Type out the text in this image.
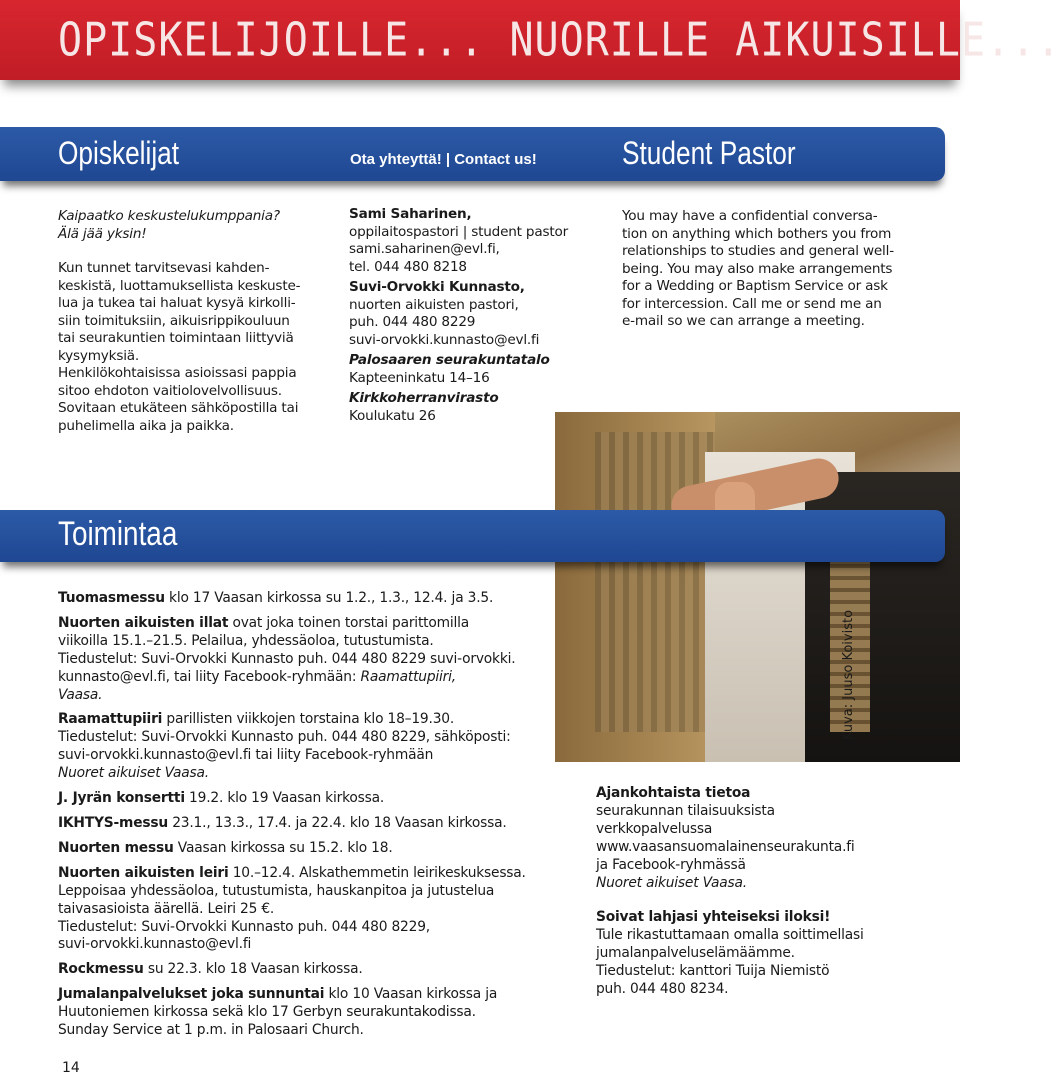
OPISKELIJOILLE... NUORILLE AIKUISILLE...
Opiskelijat	Ota yhteyttä! | Contact us!	Student Pastor
Kaipaatko keskustelukumppania?
Älä jää yksin!
Kun tunnet tarvitsevasi kahden-
keskistä, luottamuksellista keskuste-
lua ja tukea tai haluat kysyä kirkolli-
siin toimituksiin, aikuisrippikouluun
tai seurakuntien toimintaan liittyviä
kysymyksiä.
Henkilökohtaisissa asioissasi pappia
sitoo ehdoton vaitiolovelvollisuus.
Sovitaan etukäteen sähköpostilla tai
puhelimella aika ja paikka.
Sami Saharinen,
oppilaitospastori | student pastor
sami.saharinen@evl.fi,
tel. 044 480 8218
Suvi-Orvokki Kunnasto,
nuorten aikuisten pastori,
puh. 044 480 8229
suvi-orvokki.kunnasto@evl.fi
Palosaaren seurakuntatalo
Kapteeninkatu 14–16
Kirkkoherranvirasto
Koulukatu 26
You may have a confidential conversa-
tion on anything which bothers you from
relationships to studies and general well-
being. You may also make arrangements
for a Wedding or Baptism Service or ask
for intercession. Call me or send me an
e-mail so we can arrange a meeting.
Kuva: Juuso Koivisto
Toimintaa
Tuomasmessu klo 17 Vaasan kirkossa su 1.2., 1.3., 12.4. ja 3.5.
Nuorten aikuisten illat ovat joka toinen torstai parittomilla
viikoilla 15.1.–21.5. Pelailua, yhdessäoloa, tutustumista.
Tiedustelut: Suvi-Orvokki Kunnasto puh. 044 480 8229 suvi-orvokki.
kunnasto@evl.fi, tai liity Facebook-ryhmään: Raamattupiiri,
Vaasa.
Raamattupiiri parillisten viikkojen torstaina klo 18–19.30.
Tiedustelut: Suvi-Orvokki Kunnasto puh. 044 480 8229, sähköposti:
suvi-orvokki.kunnasto@evl.fi tai liity Facebook-ryhmään
Nuoret aikuiset Vaasa.
J. Jyrän konsertti 19.2. klo 19 Vaasan kirkossa.
IKHTYS-messu 23.1., 13.3., 17.4. ja 22.4. klo 18 Vaasan kirkossa.
Nuorten messu Vaasan kirkossa su 15.2. klo 18.
Nuorten aikuisten leiri 10.–12.4. Alskathemmetin leirikeskuksessa.
Leppoisaa yhdessäoloa, tutustumista, hauskanpitoa ja jutustelua
taivasasioista äärellä. Leiri 25 €.
Tiedustelut: Suvi-Orvokki Kunnasto puh. 044 480 8229,
suvi-orvokki.kunnasto@evl.fi
Rockmessu su 22.3. klo 18 Vaasan kirkossa.
Jumalanpalvelukset joka sunnuntai klo 10 Vaasan kirkossa ja
Huutoniemen kirkossa sekä klo 17 Gerbyn seurakuntakodissa.
Sunday Service at 1 p.m. in Palosaari Church.
Ajankohtaista tietoa
seurakunnan tilaisuuksista
verkkopalvelussa
www.vaasansuomalainenseurakunta.fi
ja Facebook-ryhmässä
Nuoret aikuiset Vaasa.
Soivat lahjasi yhteiseksi iloksi!
Tule rikastuttamaan omalla soittimellasi
jumalanpalveluselämäämme.
Tiedustelut: kanttori Tuija Niemistö
puh. 044 480 8234.
14
